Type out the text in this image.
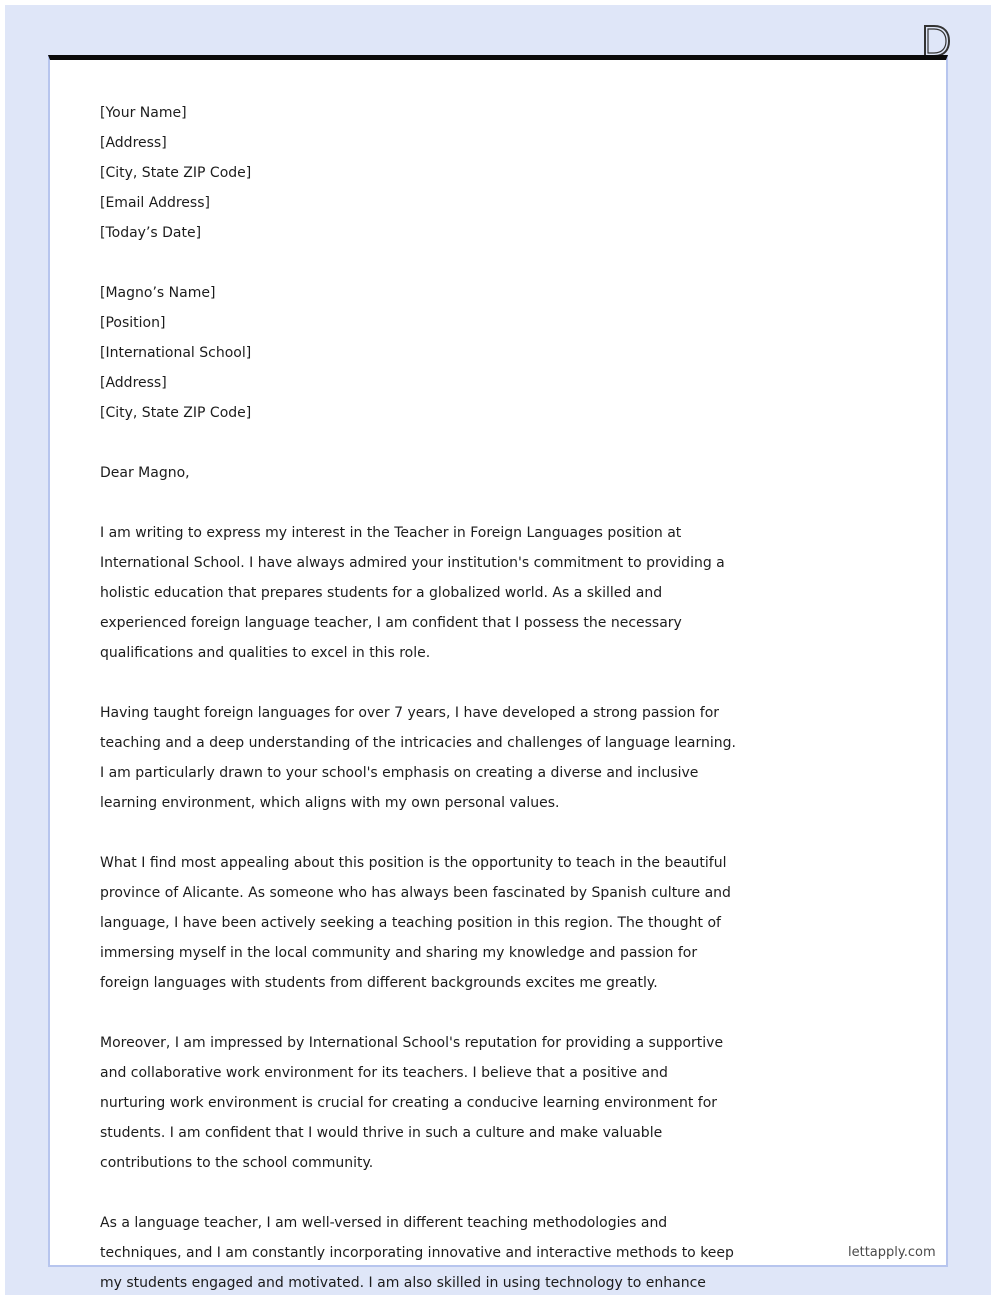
[Your Name]
[Address]
[City, State ZIP Code]
[Email Address]
[Today’s Date]
[Magno’s Name]
[Position]
[International School]
[Address]
[City, State ZIP Code]
Dear Magno,
I am writing to express my interest in the Teacher in Foreign Languages position at
International School. I have always admired your institution's commitment to providing a
holistic education that prepares students for a globalized world. As a skilled and
experienced foreign language teacher, I am confident that I possess the necessary
qualifications and qualities to excel in this role.
Having taught foreign languages for over 7 years, I have developed a strong passion for
teaching and a deep understanding of the intricacies and challenges of language learning.
I am particularly drawn to your school's emphasis on creating a diverse and inclusive
learning environment, which aligns with my own personal values.
What I find most appealing about this position is the opportunity to teach in the beautiful
province of Alicante. As someone who has always been fascinated by Spanish culture and
language, I have been actively seeking a teaching position in this region. The thought of
immersing myself in the local community and sharing my knowledge and passion for
foreign languages with students from different backgrounds excites me greatly.
Moreover, I am impressed by International School's reputation for providing a supportive
and collaborative work environment for its teachers. I believe that a positive and
nurturing work environment is crucial for creating a conducive learning environment for
students. I am confident that I would thrive in such a culture and make valuable
contributions to the school community.
As a language teacher, I am well-versed in different teaching methodologies and
techniques, and I am constantly incorporating innovative and interactive methods to keep
my students engaged and motivated. I am also skilled in using technology to enhance
lettapply.com
